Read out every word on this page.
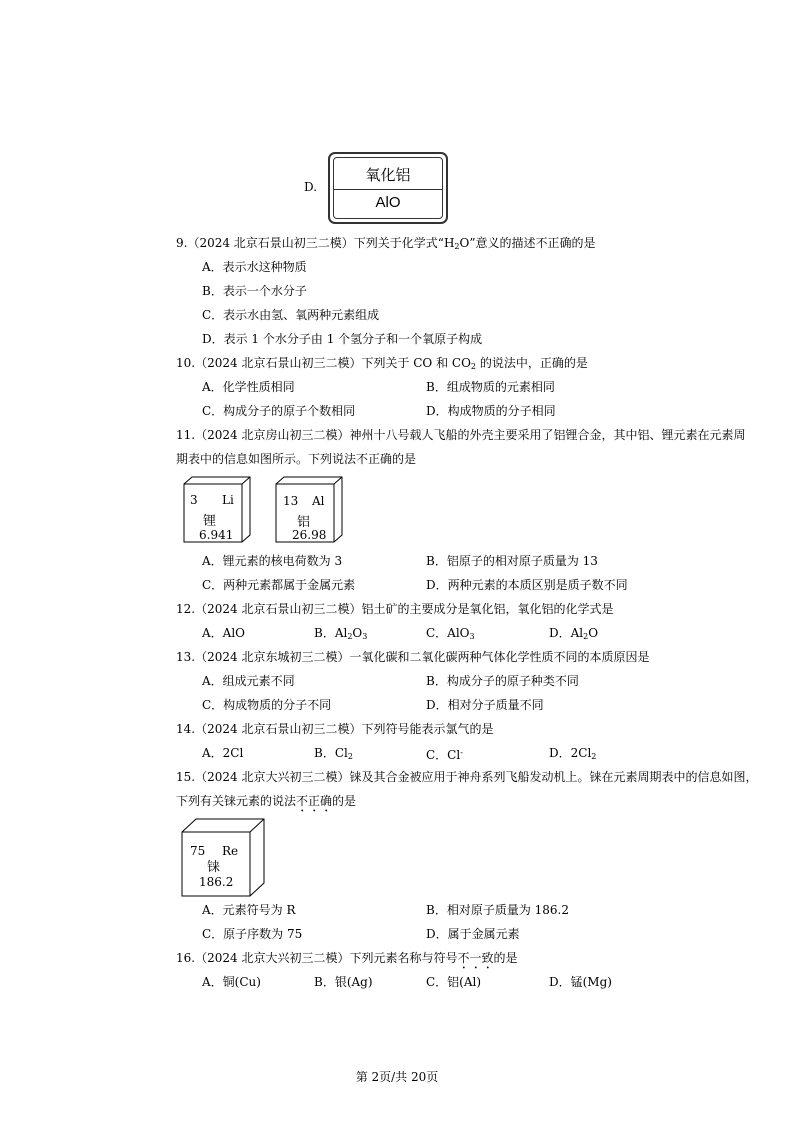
D.
氧化铝
AlO
9.（2024 北京石景山初三二模）下列关于化学式“$H_2O$”意义的描述不正确的是
A．表示水这种物质
B．表示一个水分子
C．表示水由氢、氧两种元素组成
D．表示 1 个水分子由 1 个氢分子和一个氧原子构成
10.（2024 北京石景山初三二模）下列关于 CO 和 $CO_2$ 的说法中，正确的是
A．化学性质相同	B．组成物质的元素相同
C．构成分子的原子个数相同	D．构成物质的分子相同
11.（2024 北京房山初三二模）神州十八号载人飞船的外壳主要采用了铝锂合金，其中铝、锂元素在元素周
期表中的信息如图所示。下列说法不正确的是
3 Li
锂
6.941
13 Al
铝
26.98
A．锂元素的核电荷数为 3	B．铝原子的相对原子质量为 13
C．两种元素都属于金属元素	D．两种元素的本质区别是质子数不同
12.（2024 北京石景山初三二模）铝土矿的主要成分是氧化铝，氧化铝的化学式是
A．AlO	B．$Al_2O_3$	C．AlO$_3$	D．$Al_2O$
13.（2024 北京东城初三二模）一氧化碳和二氧化碳两种气体化学性质不同的本质原因是
A．组成元素不同	B．构成分子的原子种类不同
C．构成物质的分子不同	D．相对分子质量不同
14.（2024 北京石景山初三二模）下列符号能表示氯气的是
A．2Cl	B．$Cl_2$	C．Cl-	D．$2Cl_2$
15.（2024 北京大兴初三二模）铼及其合金被应用于神舟系列飞船发动机上。铼在元素周期表中的信息如图，
下列有关铼元素的说法不正确的是
75 Re
铼
186.2
A．元素符号为 R	B．相对原子质量为 186.2
C．原子序数为 75	D．属于金属元素
16.（2024 北京大兴初三二模）下列元素名称与符号不一致的是
A．铜(Cu)	B．银(Ag)	C．铝(Al)	D．锰(Mg)
第 2页/共 20页
